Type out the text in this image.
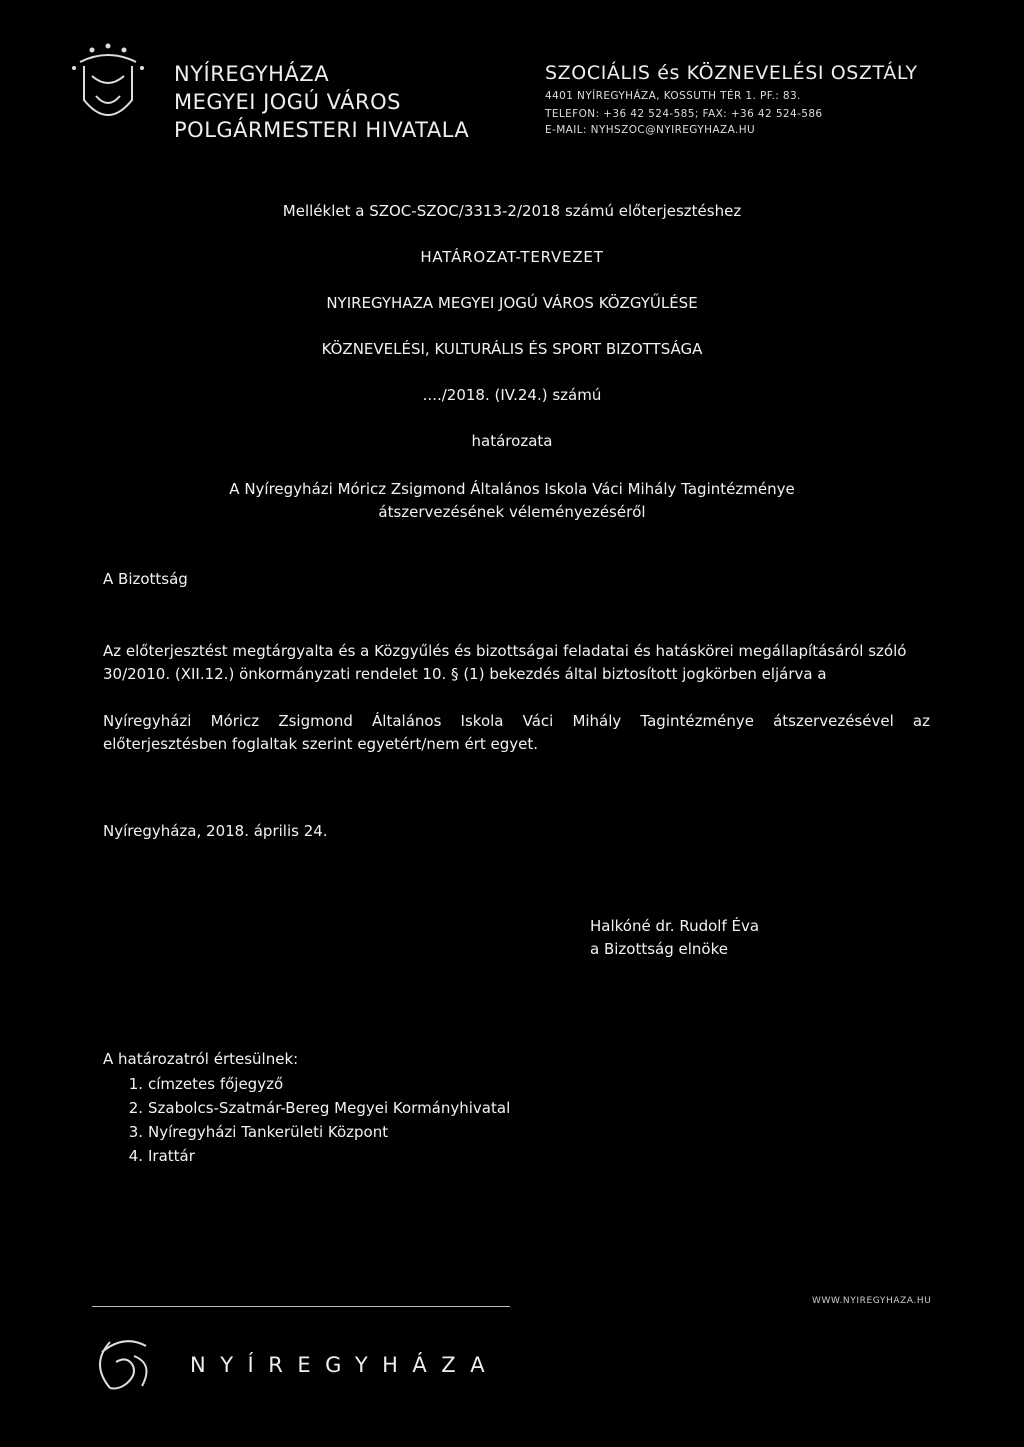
NYÍREGYHÁZA
MEGYEI JOGÚ VÁROS
POLGÁRMESTERI HIVATALA
SZOCIÁLIS és KÖZNEVELÉSI OSZTÁLY
4401 NYÍREGYHÁZA, KOSSUTH TÉR 1. PF.: 83.
TELEFON: +36 42 524-585; FAX: +36 42 524-586
E-MAIL: NYHSZOC@NYIREGYHAZA.HU
Melléklet a SZOC-SZOC/3313-2/2018 számú előterjesztéshez
HATÁROZAT-TERVEZET
NYIREGYHAZA MEGYEI JOGÚ VÁROS KÖZGYŰLÉSE
KÖZNEVELÉSI, KULTURÁLIS ÉS SPORT BIZOTTSÁGA
..../2018. (IV.24.) számú
határozata
A Nyíregyházi Móricz Zsigmond Általános Iskola Váci Mihály Tagintézménye
átszervezésének véleményezéséről
A Bizottság
Az előterjesztést megtárgyalta és a Közgyűlés és bizottságai feladatai és hatáskörei megállapításáról szóló
30/2010. (XII.12.) önkormányzati rendelet 10. § (1) bekezdés által biztosított jogkörben eljárva a
Nyíregyházi Móricz Zsigmond Általános Iskola Váci Mihály Tagintézménye átszervezésével az
előterjesztésben foglaltak szerint egyetért/nem ért egyet.
Nyíregyháza, 2018. április 24.
Halkóné dr. Rudolf Éva
a Bizottság elnöke
A határozatról értesülnek:
1. címzetes főjegyző
2. Szabolcs-Szatmár-Bereg Megyei Kormányhivatal
3. Nyíregyházi Tankerületi Központ
4. Irattár
WWW.NYIREGYHAZA.HU
NYÍREGYHÁZA
